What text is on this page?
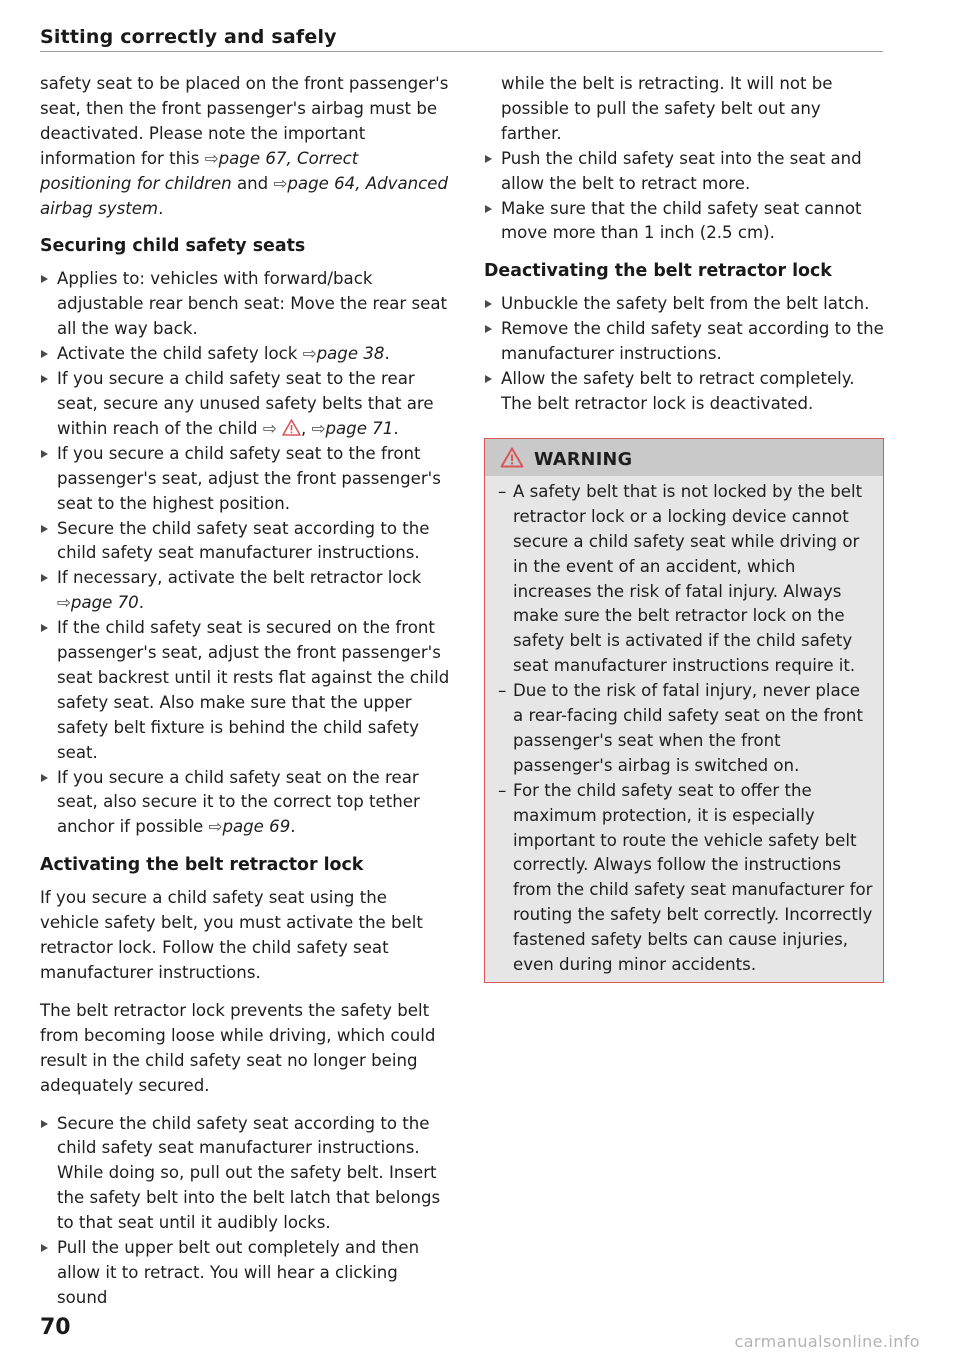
Sitting correctly and safely

safety seat to be placed on the front passenger's seat, then the front passenger's airbag must be deactivated. Please note the important information for this ⇨page 67, Correct positioning for children and ⇨page 64, Advanced airbag system.

Securing child safety seats
Applies to: vehicles with forward/back adjustable rear bench seat: Move the rear seat all the way back.
Activate the child safety lock ⇨page 38.
If you secure a child safety seat to the rear seat, secure any unused safety belts that are within reach of the child ⇨ , ⇨page 71.
If you secure a child safety seat to the front passenger's seat, adjust the front passenger's seat to the highest position.
Secure the child safety seat according to the child safety seat manufacturer instructions.
If necessary, activate the belt retractor lock ⇨page 70.
If the child safety seat is secured on the front passenger's seat, adjust the front passenger's seat backrest until it rests flat against the child safety seat. Also make sure that the upper safety belt fixture is behind the child safety seat.
If you secure a child safety seat on the rear seat, also secure it to the correct top tether anchor if possible ⇨page 69.
Activating the belt retractor lock

If you secure a child safety seat using the vehicle safety belt, you must activate the belt retractor lock. Follow the child safety seat manufacturer instructions.

The belt retractor lock prevents the safety belt from becoming loose while driving, which could result in the child safety seat no longer being adequately secured.

Secure the child safety seat according to the child safety seat manufacturer instructions. While doing so, pull out the safety belt. Insert the safety belt into the belt latch that belongs to that seat until it audibly locks.
Pull the upper belt out completely and then allow it to retract. You will hear a clicking sound

while the belt is retracting. It will not be possible to pull the safety belt out any farther.

Push the child safety seat into the seat and allow the belt to retract more.
Make sure that the child safety seat cannot move more than 1 inch (2.5 cm).
Deactivating the belt retractor lock
Unbuckle the safety belt from the belt latch.
Remove the child safety seat according to the manufacturer instructions.
Allow the safety belt to retract completely. The belt retractor lock is deactivated.
WARNING
– A safety belt that is not locked by the belt retractor lock or a locking device cannot secure a child safety seat while driving or in the event of an accident, which increases the risk of fatal injury. Always make sure the belt retractor lock on the safety belt is activated if the child safety seat manufacturer instructions require it.
– Due to the risk of fatal injury, never place a rear-facing child safety seat on the front passenger's seat when the front passenger's airbag is switched on.
– For the child safety seat to offer the maximum protection, it is especially important to route the vehicle safety belt correctly. Always follow the instructions from the child safety seat manufacturer for routing the safety belt correctly. Incorrectly fastened safety belts can cause injuries, even during minor accidents.
70
carmanualsonline.info
